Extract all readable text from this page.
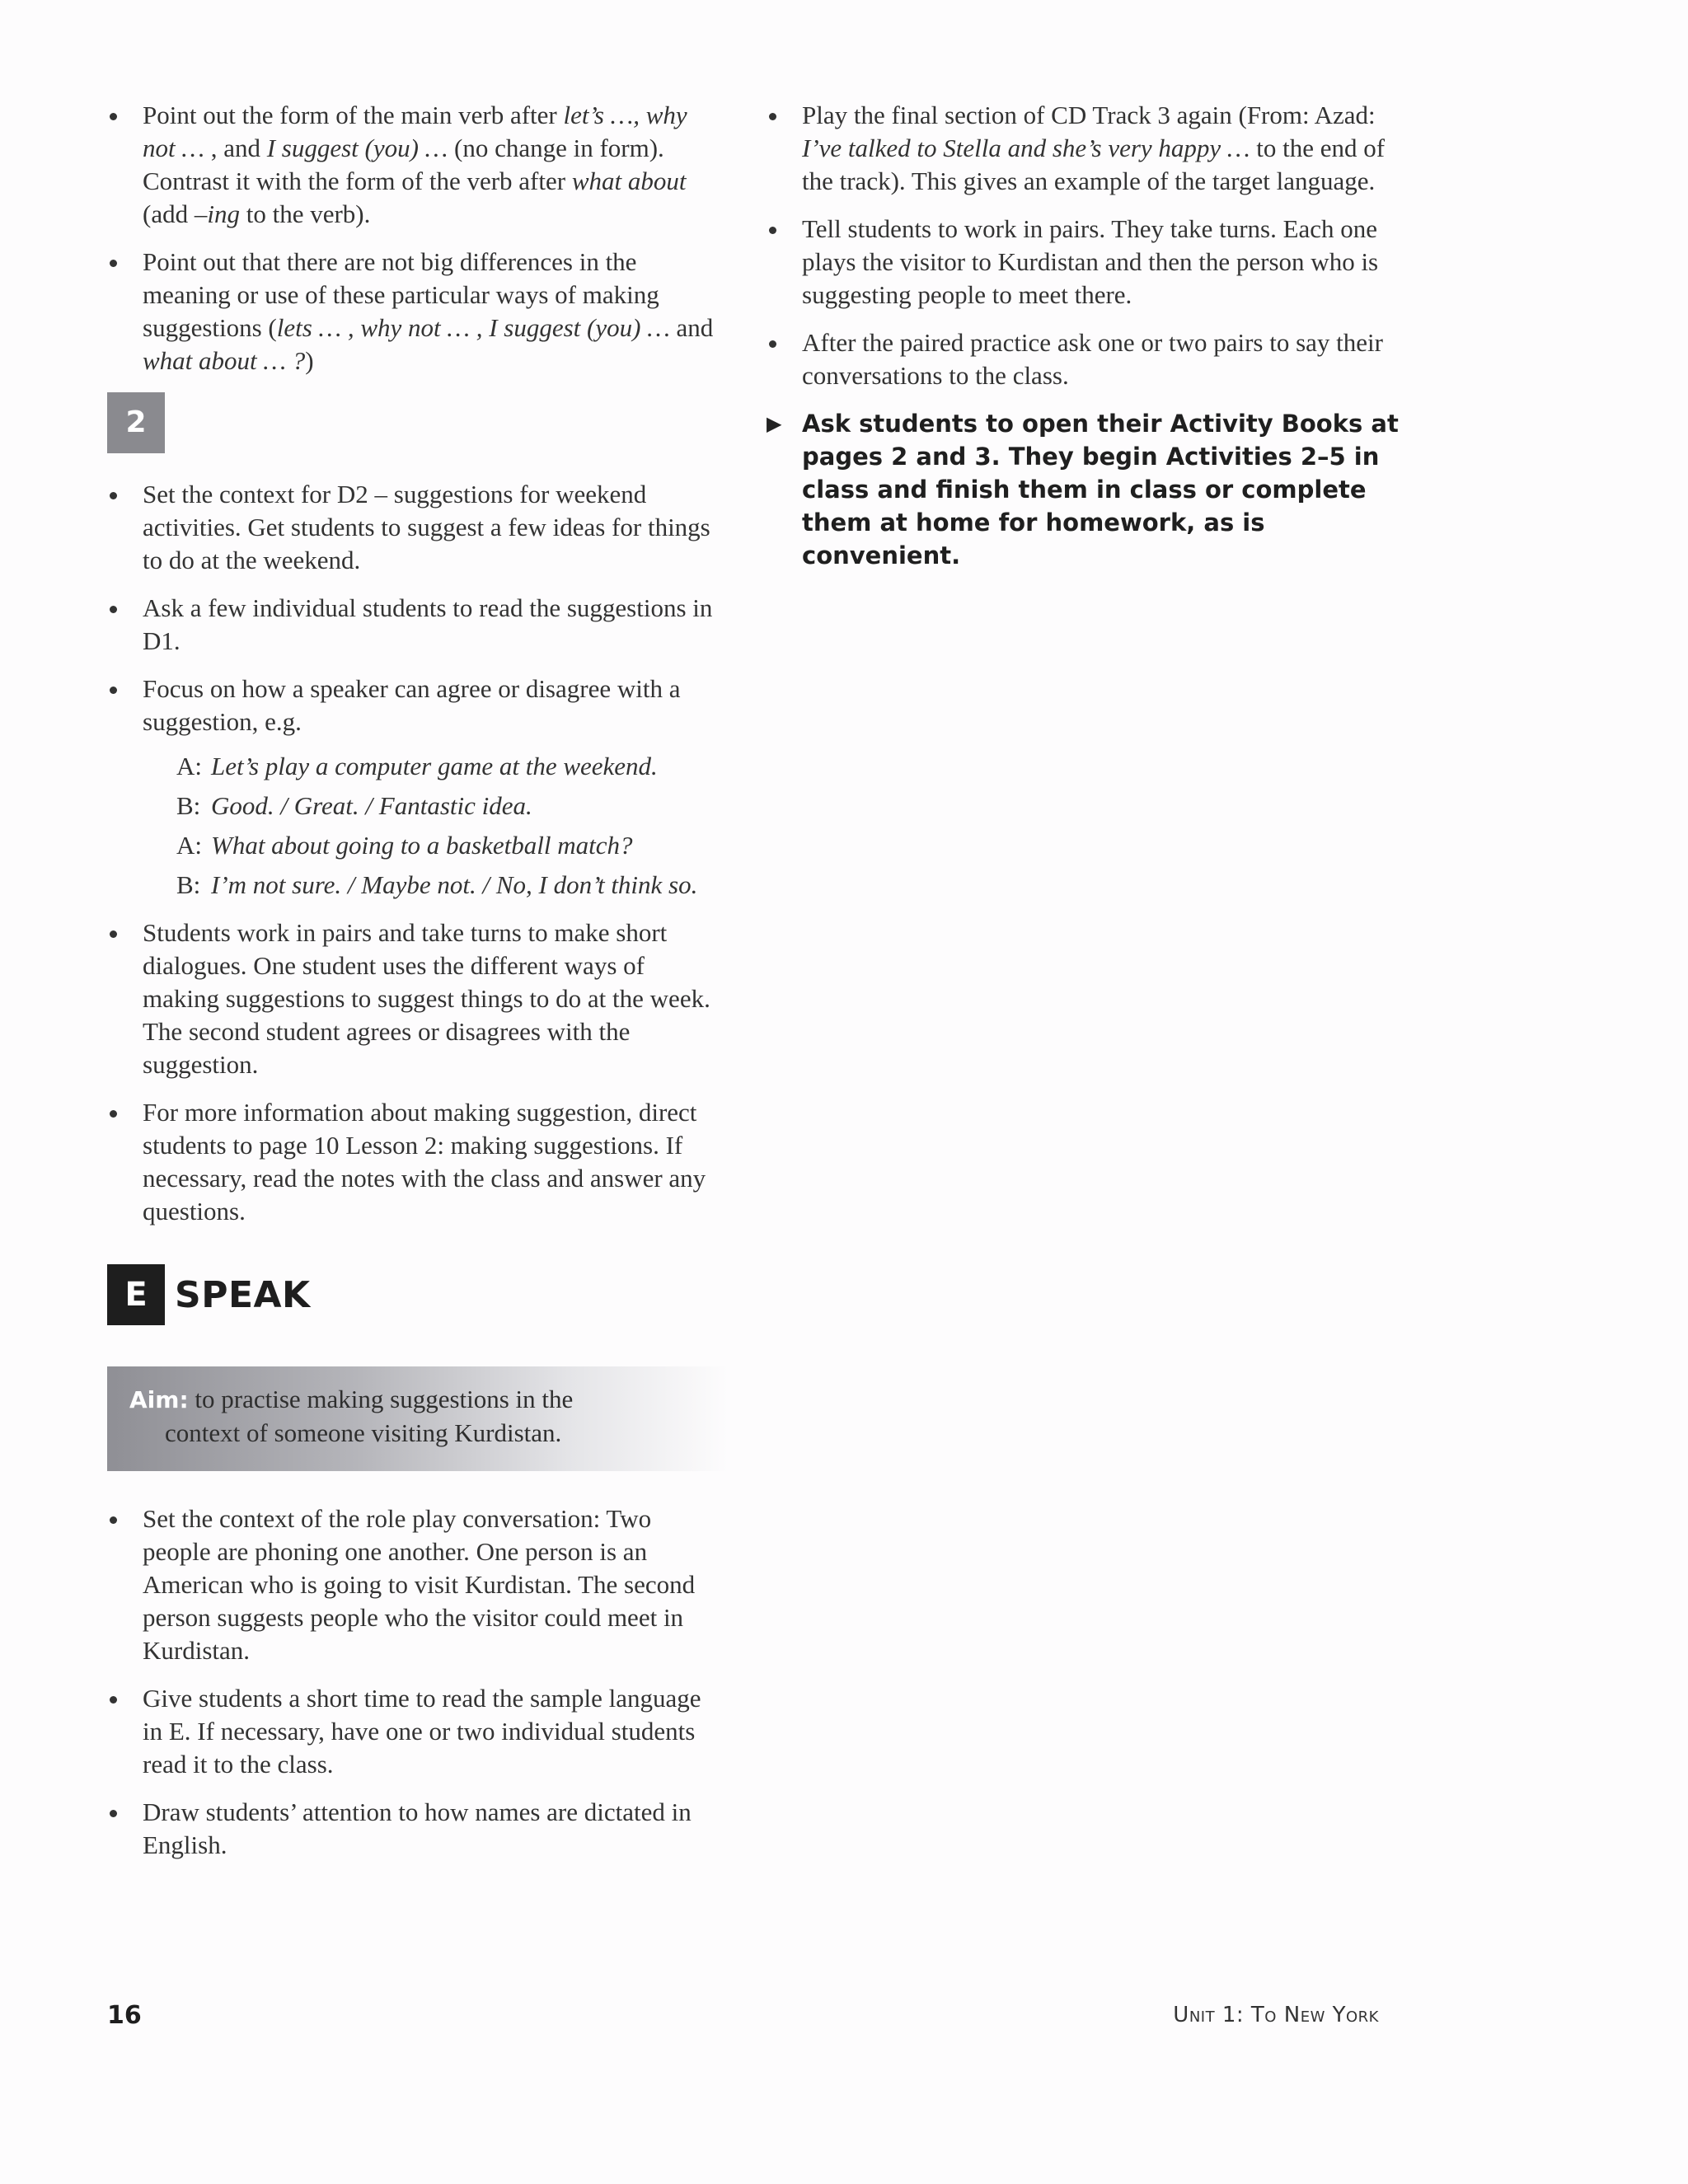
Point out the form of the main verb after let’s …, why not … , and I suggest (you) … (no change in form). Contrast it with the form of the verb after what about (add –ing to the verb).
Point out that there are not big differences in the meaning or use of these particular ways of making suggestions (lets … , why not … , I suggest (you) … and what about … ?)
2
Set the context for D2 – suggestions for weekend activities. Get students to suggest a few ideas for things to do at the weekend.
Ask a few individual students to read the suggestions in D1.
Focus on how a speaker can agree or disagree with a suggestion, e.g.
A: Let’s play a computer game at the weekend.
B: Good. / Great. / Fantastic idea.
A: What about going to a basketball match?
B: I’m not sure. / Maybe not. / No, I don’t think so.
Students work in pairs and take turns to make short dialogues. One student uses the different ways of making suggestions to suggest things to do at the week. The second student agrees or disagrees with the suggestion.
For more information about making suggestion, direct students to page 10 Lesson 2: making suggestions. If necessary, read the notes with the class and answer any questions.
E SPEAK
Aim: to practise making suggestions in the
context of someone visiting Kurdistan.
Set the context of the role play conversation: Two people are phoning one another. One person is an American who is going to visit Kurdistan. The second person suggests people who the visitor could meet in Kurdistan.
Give students a short time to read the sample language in E. If necessary, have one or two individual students read it to the class.
Draw students’ attention to how names are dictated in English.
Play the final section of CD Track 3 again (From: Azad: I’ve talked to Stella and she’s very happy … to the end of the track). This gives an example of the target language.
Tell students to work in pairs. They take turns. Each one plays the visitor to Kurdistan and then the person who is suggesting people to meet there.
After the paired practice ask one or two pairs to say their conversations to the class.
▶ Ask students to open their Activity Books at pages 2 and 3. They begin Activities 2–5 in class and finish them in class or complete them at home for homework, as is convenient.
16	Unit 1: To New York
